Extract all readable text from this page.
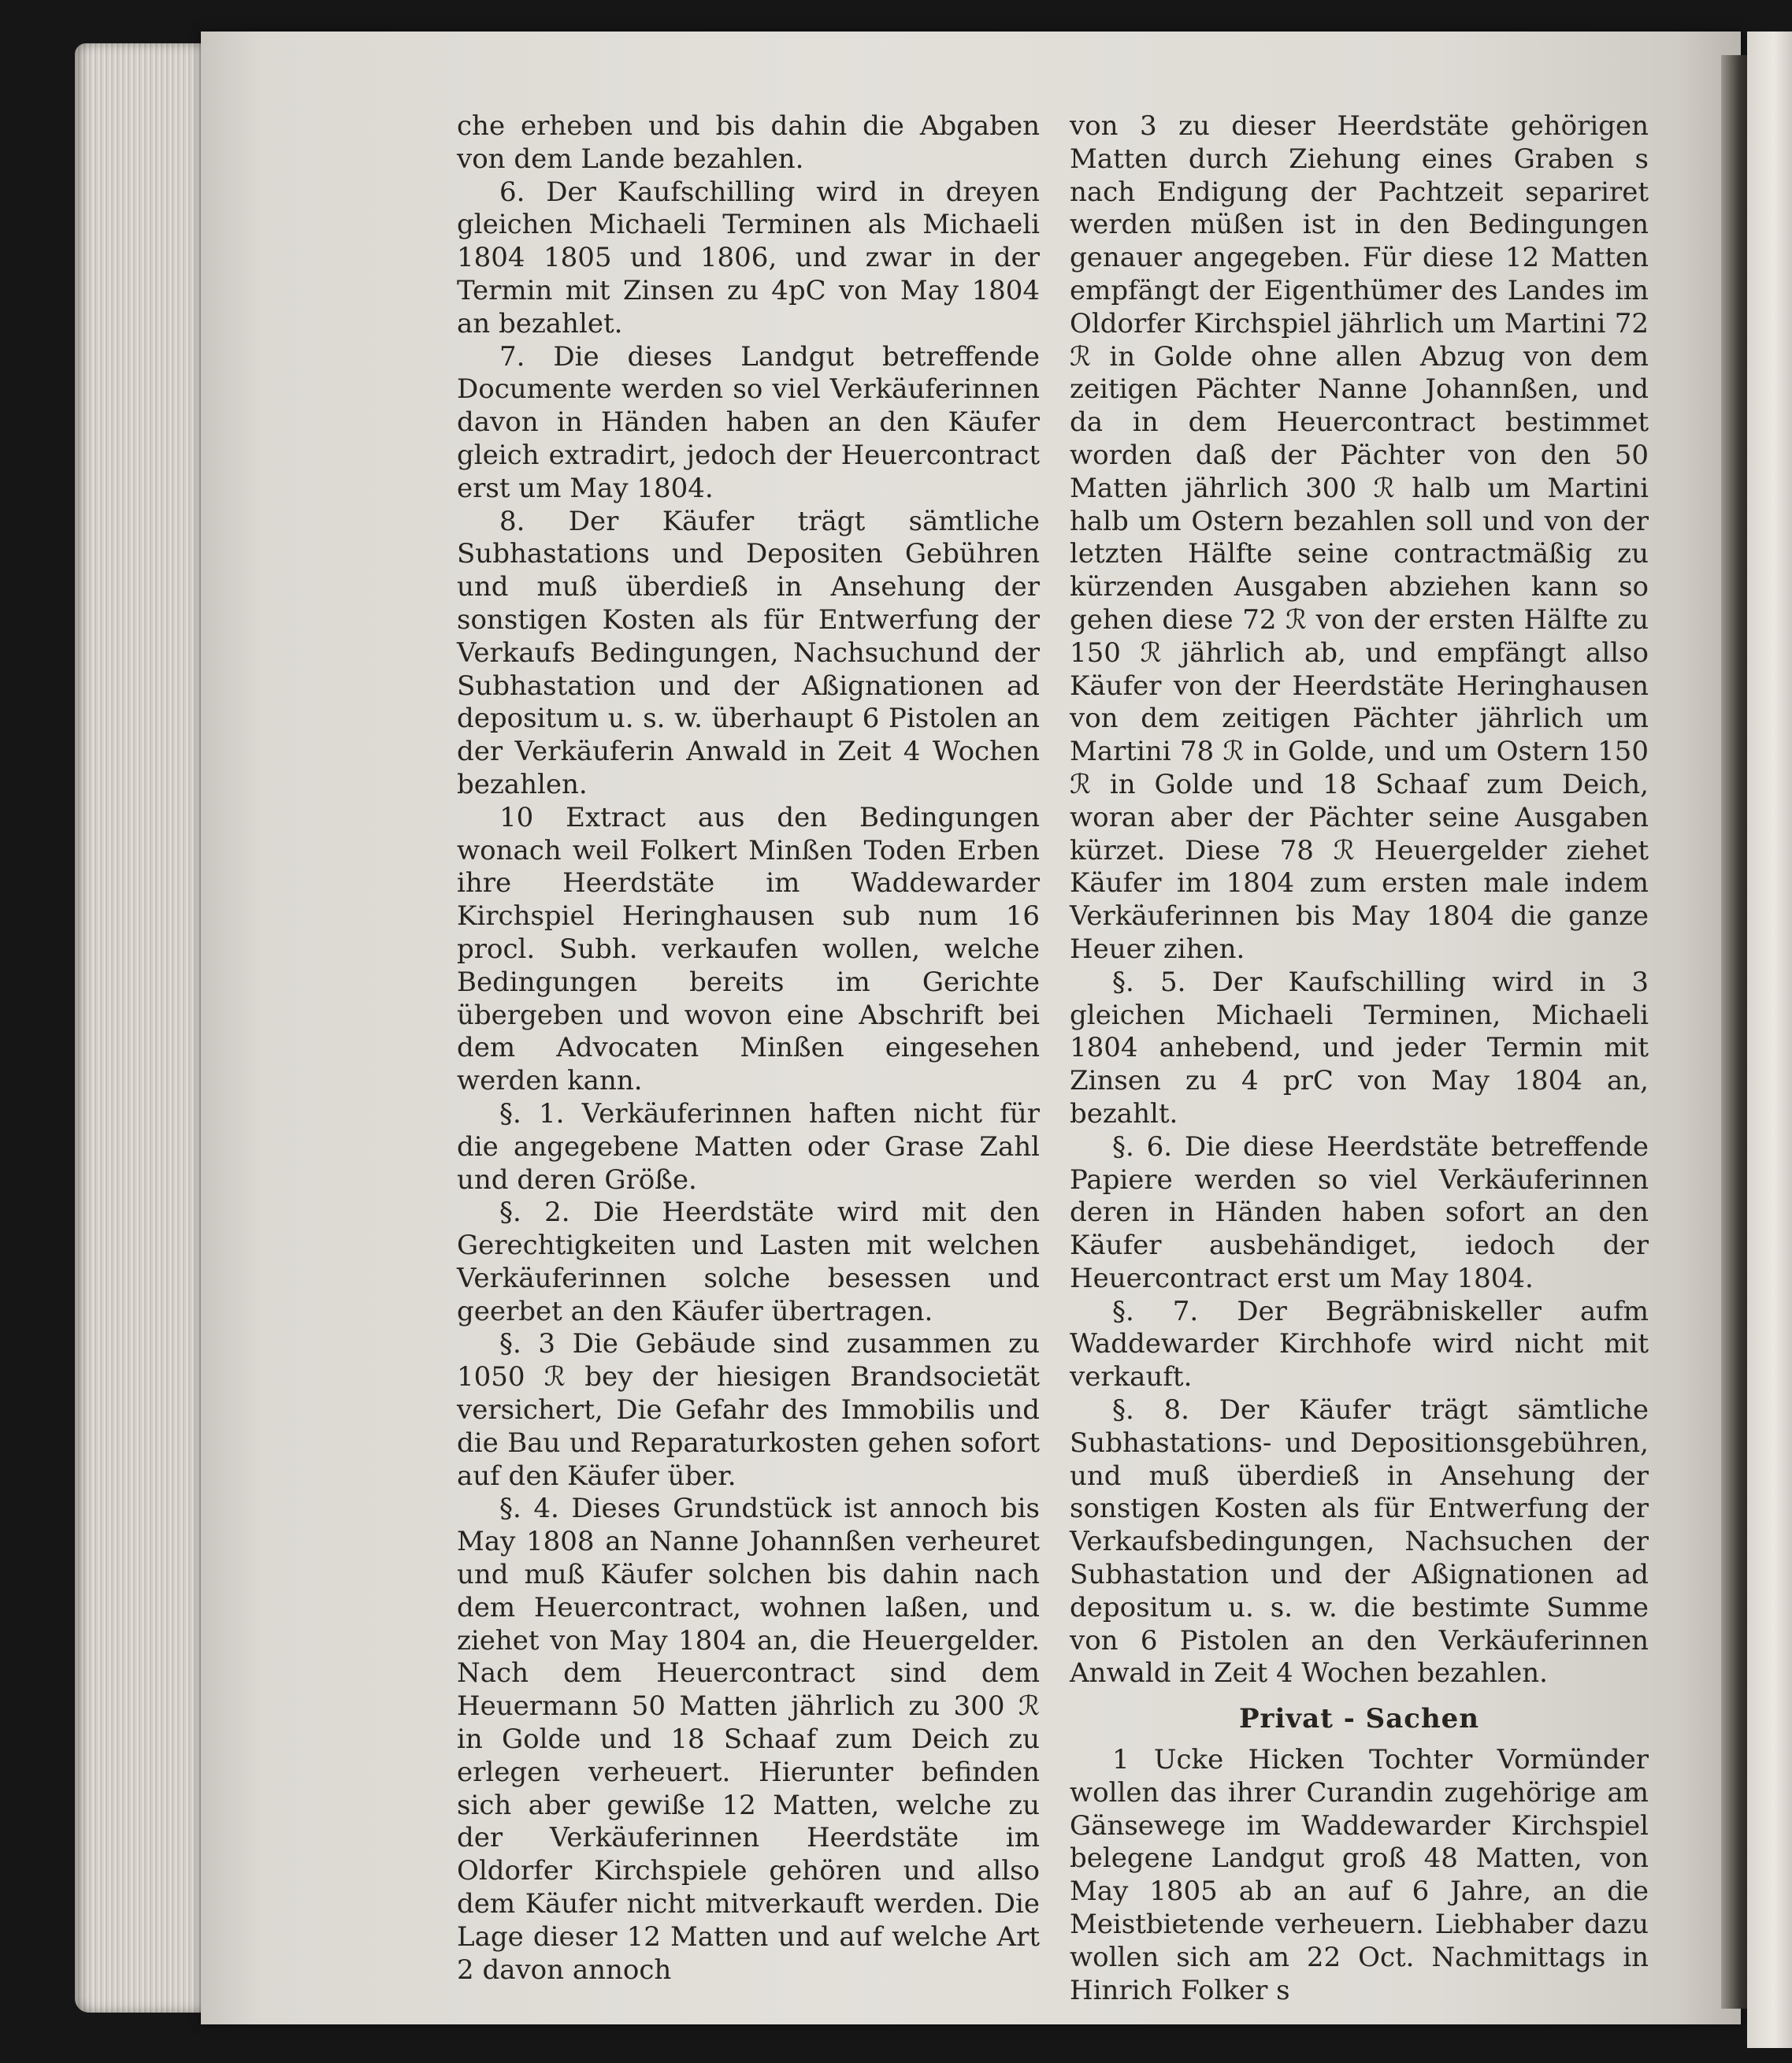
che erheben und bis dahin die Abgaben von dem Lande bezahlen.

6. Der Kaufschilling wird in dreyen gleichen Michaeli Terminen als Michaeli 1804 1805 und 1806, und zwar in der Termin mit Zinsen zu 4pC von May 1804 an bezahlet.

7. Die dieses Landgut betreffende Documente werden so viel Verkäuferinnen davon in Händen haben an den Käufer gleich extradirt, jedoch der Heuercontract erst um May 1804.

8. Der Käufer trägt sämtliche Subhastations und Depositen Gebühren und muß überdieß in Ansehung der sonstigen Kosten als für Entwerfung der Verkaufs Bedingungen, Nachsuchund der Subhastation und der Aßignationen ad depositum u. s. w. überhaupt 6 Pistolen an der Verkäuferin Anwald in Zeit 4 Wochen bezahlen.

10 Extract aus den Bedingungen wonach weil Folkert Minßen Toden Erben ihre Heerdstäte im Waddewarder Kirchspiel Heringhausen sub num 16 procl. Subh. verkaufen wollen, welche Bedingungen bereits im Gerichte übergeben und wovon eine Abschrift bei dem Advocaten Minßen eingesehen werden kann.

§. 1. Verkäuferinnen haften nicht für die angegebene Matten oder Grase Zahl und deren Größe.

§. 2. Die Heerdstäte wird mit den Gerechtigkeiten und Lasten mit welchen Verkäuferinnen solche besessen und geerbet an den Käufer übertragen.

§. 3 Die Gebäude sind zusammen zu 1050 ℛ bey der hiesigen Brandsocietät versichert, Die Gefahr des Immobilis und die Bau und Reparaturkosten gehen sofort auf den Käufer über.

§. 4. Dieses Grundstück ist annoch bis May 1808 an Nanne Johannßen verheuret und muß Käufer solchen bis dahin nach dem Heuercontract, wohnen laßen, und ziehet von May 1804 an, die Heuergelder. Nach dem Heuercontract sind dem Heuermann 50 Matten jährlich zu 300 ℛ in Golde und 18 Schaaf zum Deich zu erlegen verheuert. Hierunter befinden sich aber gewiße 12 Matten, welche zu der Verkäuferinnen Heerdstäte im Oldorfer Kirchspiele gehören und allso dem Käufer nicht mitverkauft werden. Die Lage dieser 12 Matten und auf welche Art 2 davon annoch

von 3 zu dieser Heerdstäte gehörigen Matten durch Ziehung eines Graben s nach Endigung der Pachtzeit separiret werden müßen ist in den Bedingungen genauer angegeben. Für diese 12 Matten empfängt der Eigenthümer des Landes im Oldorfer Kirchspiel jährlich um Martini 72 ℛ in Golde ohne allen Abzug von dem zeitigen Pächter Nanne Johannßen, und da in dem Heuercontract bestimmet worden daß der Pächter von den 50 Matten jährlich 300 ℛ halb um Martini halb um Ostern bezahlen soll und von der letzten Hälfte seine contractmäßig zu kürzenden Ausgaben abziehen kann so gehen diese 72 ℛ von der ersten Hälfte zu 150 ℛ jährlich ab, und empfängt allso Käufer von der Heerdstäte Heringhausen von dem zeitigen Pächter jährlich um Martini 78 ℛ in Golde, und um Ostern 150 ℛ in Golde und 18 Schaaf zum Deich, woran aber der Pächter seine Ausgaben kürzet. Diese 78 ℛ Heuergelder ziehet Käufer im 1804 zum ersten male indem Verkäuferinnen bis May 1804 die ganze Heuer zihen.

§. 5. Der Kaufschilling wird in 3 gleichen Michaeli Terminen, Michaeli 1804 anhebend, und jeder Termin mit Zinsen zu 4 prC von May 1804 an, bezahlt.

§. 6. Die diese Heerdstäte betreffende Papiere werden so viel Verkäuferinnen deren in Händen haben sofort an den Käufer ausbehändiget, iedoch der Heuercontract erst um May 1804.

§. 7. Der Begräbniskeller aufm Waddewarder Kirchhofe wird nicht mit verkauft.

§. 8. Der Käufer trägt sämtliche Subhastations- und Depositionsgebühren, und muß überdieß in Ansehung der sonstigen Kosten als für Entwerfung der Verkaufsbedingungen, Nachsuchen der Subhastation und der Aßignationen ad depositum u. s. w. die bestimte Summe von 6 Pistolen an den Verkäuferinnen Anwald in Zeit 4 Wochen bezahlen.

Privat - Sachen

1 Ucke Hicken Tochter Vormünder wollen das ihrer Curandin zugehörige am Gänsewege im Waddewarder Kirchspiel belegene Landgut groß 48 Matten, von May 1805 ab an auf 6 Jahre, an die Meistbietende verheuern. Liebhaber dazu wollen sich am 22 Oct. Nachmittags in Hinrich Folker s
